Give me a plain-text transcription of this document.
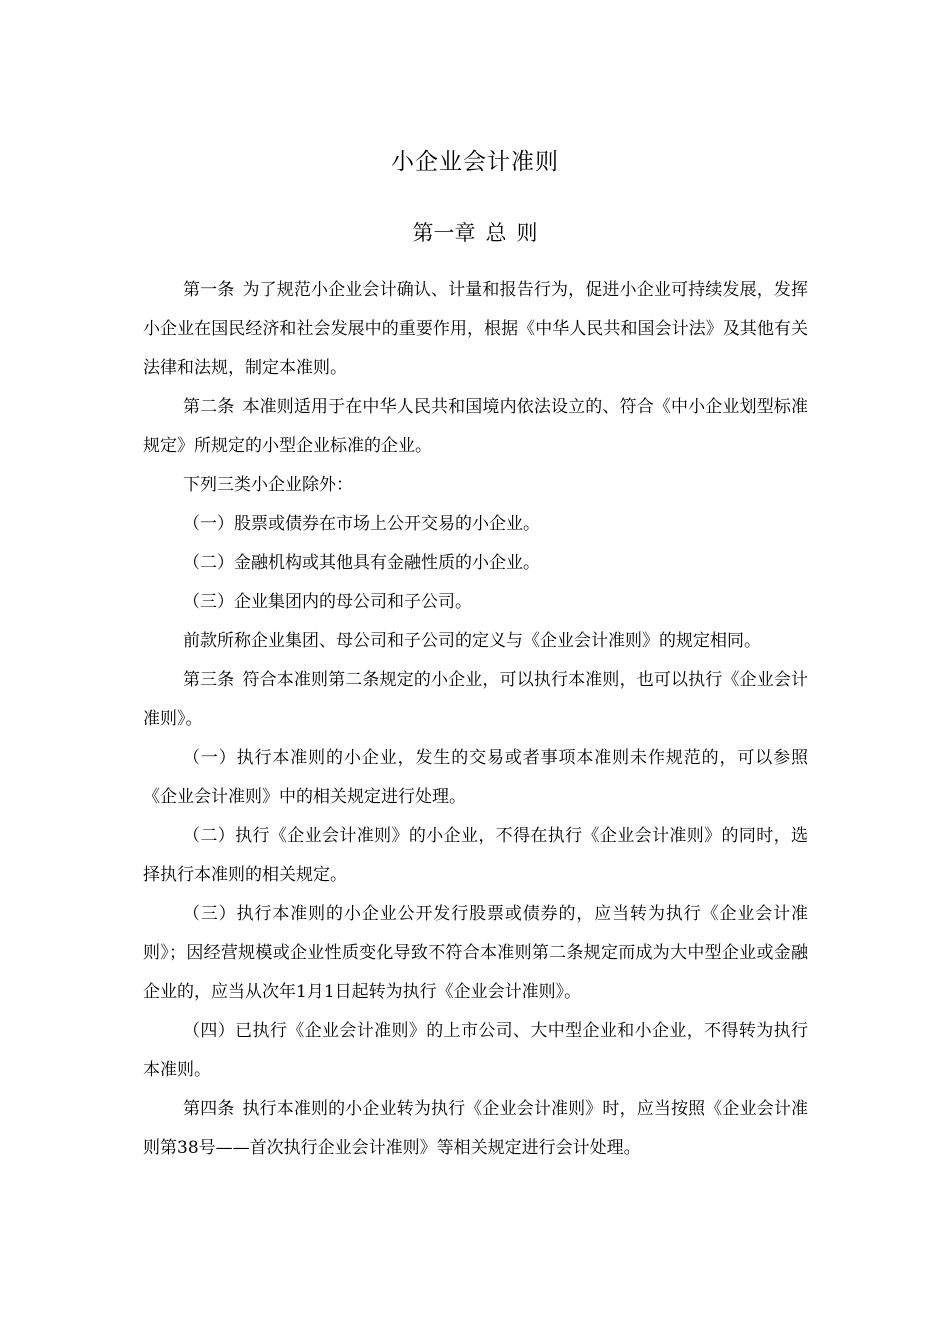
小企业会计准则
第一章 总 则

第一条 为了规范小企业会计确认、计量和报告行为，促进小企业可持续发展，发挥小企业在国民经济和社会发展中的重要作用，根据《中华人民共和国会计法》及其他有关法律和法规，制定本准则。

第二条 本准则适用于在中华人民共和国境内依法设立的、符合《中小企业划型标准规定》所规定的小型企业标准的企业。

下列三类小企业除外：

（一）股票或债券在市场上公开交易的小企业。

（二）金融机构或其他具有金融性质的小企业。

（三）企业集团内的母公司和子公司。

前款所称企业集团、母公司和子公司的定义与《企业会计准则》的规定相同。

第三条 符合本准则第二条规定的小企业，可以执行本准则，也可以执行《企业会计准则》。

（一）执行本准则的小企业，发生的交易或者事项本准则未作规范的，可以参照《企业会计准则》中的相关规定进行处理。

（二）执行《企业会计准则》的小企业，不得在执行《企业会计准则》的同时，选择执行本准则的相关规定。

（三）执行本准则的小企业公开发行股票或债券的，应当转为执行《企业会计准则》；因经营规模或企业性质变化导致不符合本准则第二条规定而成为大中型企业或金融企业的，应当从次年1月1日起转为执行《企业会计准则》。

（四）已执行《企业会计准则》的上市公司、大中型企业和小企业，不得转为执行本准则。

第四条 执行本准则的小企业转为执行《企业会计准则》时，应当按照《企业会计准则第38号——首次执行企业会计准则》等相关规定进行会计处理。
